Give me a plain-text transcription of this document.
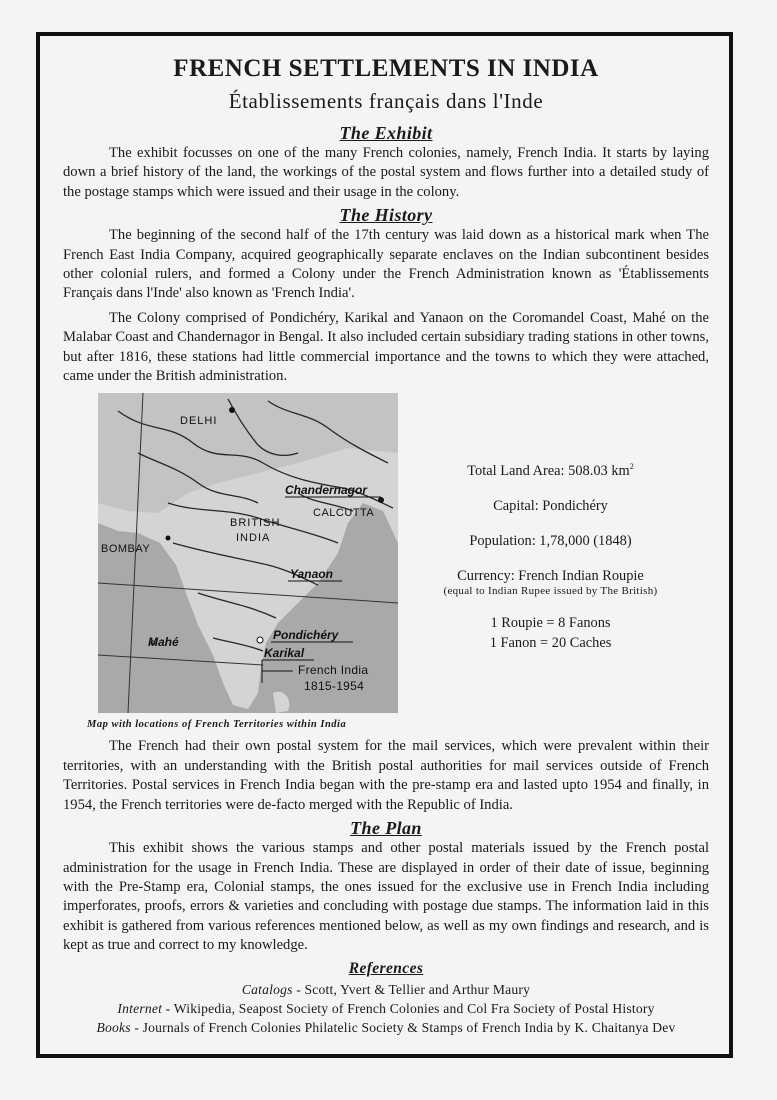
FRENCH SETTLEMENTS IN INDIA
Établissements français dans l'Inde
The Exhibit

The exhibit focusses on one of the many French colonies, namely, French India. It starts by laying down a brief history of the land, the workings of the postal system and flows further into a detailed study of the postage stamps which were issued and their usage in the colony.

The History

The beginning of the second half of the 17th century was laid down as a historical mark when The French East India Company, acquired geographically separate enclaves on the Indian subcontinent besides other colonial rulers, and formed a Colony under the French Administration known as 'Établissements Français dans l'Inde' also known as 'French India'.

The Colony comprised of Pondichéry, Karikal and Yanaon on the Coromandel Coast, Mahé on the Malabar Coast and Chandernagor in Bengal. It also included certain subsidiary trading stations in other towns, but after 1816, these stations had little commercial importance and the towns to which they were attached, came under the British administration.

DELHI
Chandernagor
CALCUTTA
BRITISH
INDIA
BOMBAY
Yanaon
Mahé	Pondichéry
Karikal
French India
1815-1954
Map with locations of French Territories within India
Total Land Area: 508.03 $km^2$
Capital: Pondichéry
Population: 1,78,000 (1848)
Currency: French Indian Roupie
(equal to Indian Rupee issued by The British)
1 Roupie = 8 Fanons
1 Fanon = 20 Caches

The French had their own postal system for the mail services, which were prevalent within their territories, with an understanding with the British postal authorities for mail services outside of French Territories. Postal services in French India began with the pre-stamp era and lasted upto 1954 and finally, in 1954, the French territories were de-facto merged with the Republic of India.

The Plan

This exhibit shows the various stamps and other postal materials issued by the French postal administration for the usage in French India. These are displayed in order of their date of issue, beginning with the Pre-Stamp era, Colonial stamps, the ones issued for the exclusive use in French India including imperforates, proofs, errors & varieties and concluding with postage due stamps. The information laid in this exhibit is gathered from various references mentioned below, as well as my own findings and research, and is kept as true and correct to my knowledge.

References
Catalogs - Scott, Yvert & Tellier and Arthur Maury
Internet - Wikipedia, Seapost Society of French Colonies and Col Fra Society of Postal History
Books - Journals of French Colonies Philatelic Society & Stamps of French India by K. Chaitanya Dev
